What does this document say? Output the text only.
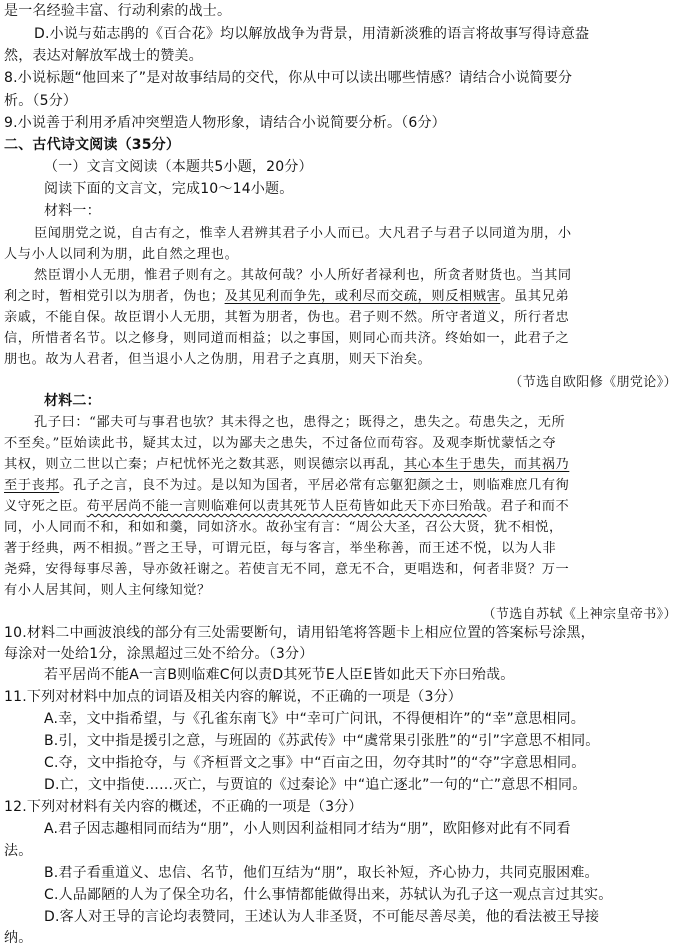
是一名经验丰富、行动利索的战士。
D.小说与茹志鹃的《百合花》均以解放战争为背景，用清新淡雅的语言将故事写得诗意盎
然，表达对解放军战士的赞美。
8.小说标题“他回来了”是对故事结局的交代，你从中可以读出哪些情感？请结合小说简要分
析。（5分）
9.小说善于利用矛盾冲突塑造人物形象，请结合小说简要分析。（6分）
二、古代诗文阅读（35分）
（一）文言文阅读（本题共5小题，20分）
阅读下面的文言文，完成10～14小题。
材料一：
臣闻朋党之说，自古有之，惟幸人君辨其君子小人而已。大凡君子与君子以同道为朋，小
人与小人以同利为朋，此自然之理也。
然臣谓小人无朋，惟君子则有之。其故何哉？小人所好者禄利也，所贪者财货也。当其同
利之时，暂相党引以为朋者，伪也；及其见利而争先，或利尽而交疏，则反相贼害。虽其兄弟
亲戚，不能自保。故臣谓小人无朋，其暂为朋者，伪也。君子则不然。所守者道义，所行者忠
信，所惜者名节。以之修身，则同道而相益；以之事国，则同心而共济。终始如一，此君子之
朋也。故为人君者，但当退小人之伪朋，用君子之真朋，则天下治矣。
（节选自欧阳修《朋党论》）
材料二：
孔子曰：“鄙夫可与事君也欤？其未得之也，患得之；既得之，患失之。苟患失之，无所
不至矣。”臣始读此书，疑其太过，以为鄙夫之患失，不过备位而苟容。及观李斯忧蒙恬之夺
其权，则立二世以亡秦；卢杞忧怀光之数其恶，则误德宗以再乱，其心本生于患失，而其祸乃
至于丧邦。孔子之言，良不为过。是以知为国者，平居必常有忘躯犯颜之士，则临难庶几有徇
义守死之臣。苟平居尚不能一言则临难何以责其死节人臣苟皆如此天下亦曰殆哉。君子和而不
同，小人同而不和，和如和羹，同如济水。故孙宝有言：“周公大圣，召公大贤，犹不相悦，
著于经典，两不相损。”晋之王导，可谓元臣，每与客言，举坐称善，而王述不悦，以为人非
尧舜，安得每事尽善，导亦敛衽谢之。若使言无不同，意无不合，更唱迭和，何者非贤？万一
有小人居其间，则人主何缘知觉？
（节选自苏轼《上神宗皇帝书》）
10.材料二中画波浪线的部分有三处需要断句，请用铅笔将答题卡上相应位置的答案标号涂黑，
每涂对一处给1分，涂黑超过三处不给分。（3分）
若平居尚不能A一言B则临难C何以责D其死节E人臣E皆如此天下亦曰殆哉。
11.下列对材料中加点的词语及相关内容的解说，不正确的一项是（3分）
A.幸，文中指希望，与《孔雀东南飞》中“幸可广问讯，不得便相许”的“幸”意思相同。
B.引，文中指是援引之意，与班固的《苏武传》中“虞常果引张胜”的“引”字意思不相同。
C.夺，文中指抢夺，与《齐桓晋文之事》中“百亩之田，勿夺其时”的“夺”字意思相同。
D.亡，文中指使……灭亡，与贾谊的《过秦论》中“追亡逐北”一句的“亡”意思不相同。
12.下列对材料有关内容的概述，不正确的一项是（3分）
A.君子因志趣相同而结为“朋”，小人则因利益相同才结为“朋”，欧阳修对此有不同看
法。
B.君子看重道义、忠信、名节，他们互结为“朋”，取长补短，齐心协力，共同克服困难。
C.人品鄙陋的人为了保全功名，什么事情都能做得出来，苏轼认为孔子这一观点言过其实。
D.客人对王导的言论均表赞同，王述认为人非圣贤，不可能尽善尽美，他的看法被王导接
纳。
